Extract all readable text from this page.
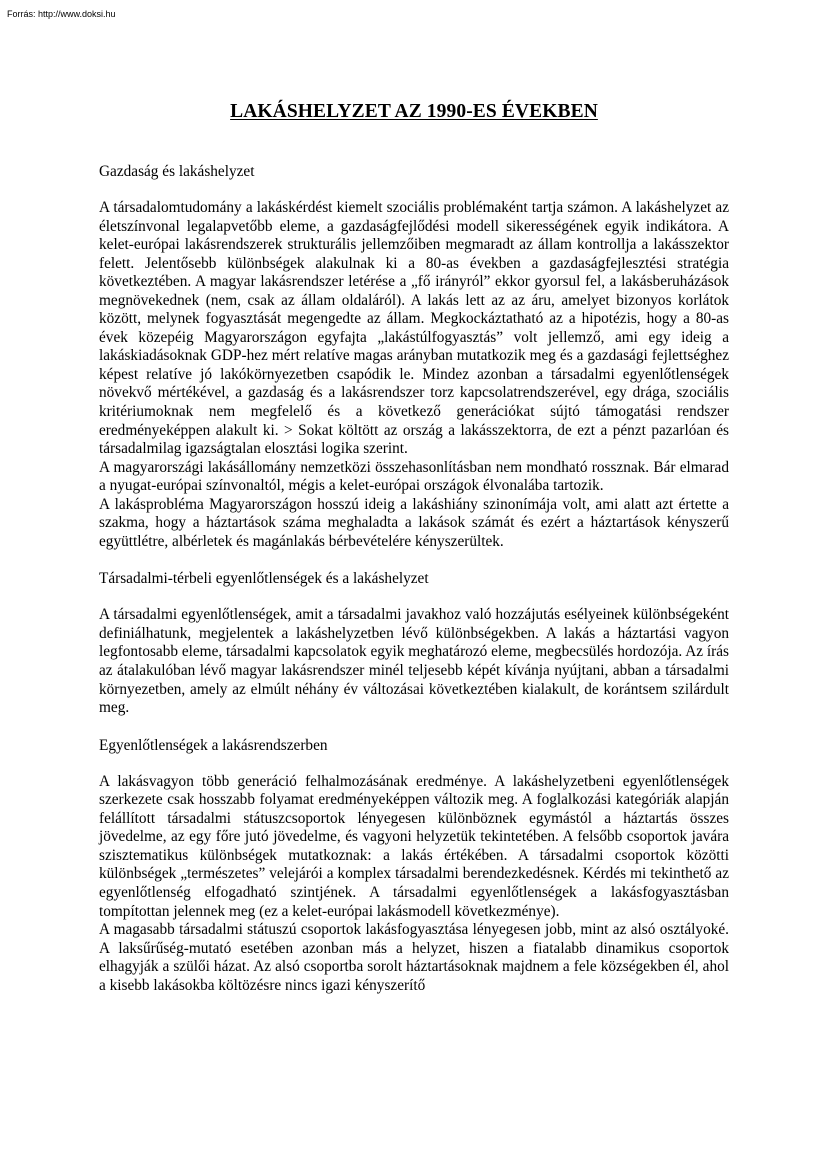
Forrás: http://www.doksi.hu
LAKÁSHELYZET AZ 1990-ES ÉVEKBEN

Gazdaság és lakáshelyzet

A társadalomtudomány a lakáskérdést kiemelt szociális problémaként tartja számon. A lakáshelyzet az életszínvonal legalapvetőbb eleme, a gazdaságfejlődési modell sikerességének egyik indikátora. A kelet-európai lakásrendszerek strukturális jellemzőiben megmaradt az állam kontrollja a lakásszektor felett. Jelentősebb különbségek alakulnak ki a 80-as években a gazdaságfejlesztési stratégia következtében. A magyar lakásrendszer letérése a „fő irányról” ekkor gyorsul fel, a lakásberuházások megnövekednek (nem, csak az állam oldaláról). A lakás lett az az áru, amelyet bizonyos korlátok között, melynek fogyasztását megengedte az állam. Megkockáztatható az a hipotézis, hogy a 80-as évek közepéig Magyarországon egyfajta „lakástúlfogyasztás” volt jellemző, ami egy ideig a lakáskiadásoknak GDP-hez mért relatíve magas arányban mutatkozik meg és a gazdasági fejlettséghez képest relatíve jó lakókörnyezetben csapódik le. Mindez azonban a társadalmi egyenlőtlenségek növekvő mértékével, a gazdaság és a lakásrendszer torz kapcsolatrendszerével, egy drága, szociális kritériumoknak nem megfelelő és a következő generációkat sújtó támogatási rendszer eredményeképpen alakult ki. > Sokat költött az ország a lakásszektorra, de ezt a pénzt pazarlóan és társadalmilag igazságtalan elosztási logika szerint.

A magyarországi lakásállomány nemzetközi összehasonlításban nem mondható rossznak. Bár elmarad a nyugat-európai színvonaltól, mégis a kelet-európai országok élvonalába tartozik.

A lakásprobléma Magyarországon hosszú ideig a lakáshiány szinonímája volt, ami alatt azt értette a szakma, hogy a háztartások száma meghaladta a lakások számát és ezért a háztartások kényszerű együttlétre, albérletek és magánlakás bérbevételére kényszerültek.

Társadalmi-térbeli egyenlőtlenségek és a lakáshelyzet

A társadalmi egyenlőtlenségek, amit a társadalmi javakhoz való hozzájutás esélyeinek különbségeként definiálhatunk, megjelentek a lakáshelyzetben lévő különbségekben. A lakás a háztartási vagyon legfontosabb eleme, társadalmi kapcsolatok egyik meghatározó eleme, megbecsülés hordozója. Az írás az átalakulóban lévő magyar lakásrendszer minél teljesebb képét kívánja nyújtani, abban a társadalmi környezetben, amely az elmúlt néhány év változásai következtében kialakult, de korántsem szilárdult meg.

Egyenlőtlenségek a lakásrendszerben

A lakásvagyon több generáció felhalmozásának eredménye. A lakáshelyzetbeni egyenlőtlenségek szerkezete csak hosszabb folyamat eredményeképpen változik meg. A foglalkozási kategóriák alapján felállított társadalmi státuszcsoportok lényegesen különböznek egymástól a háztartás összes jövedelme, az egy főre jutó jövedelme, és vagyoni helyzetük tekintetében. A felsőbb csoportok javára szisztematikus különbségek mutatkoznak: a lakás értékében. A társadalmi csoportok közötti különbségek „természetes” velejárói a komplex társadalmi berendezkedésnek. Kérdés mi tekinthető az egyenlőtlenség elfogadható szintjének. A társadalmi egyenlőtlenségek a lakásfogyasztásban tompítottan jelennek meg (ez a kelet-európai lakásmodell következménye).

A magasabb társadalmi státuszú csoportok lakásfogyasztása lényegesen jobb, mint az alsó osztályoké. A laksűrűség-mutató esetében azonban más a helyzet, hiszen a fiatalabb dinamikus csoportok elhagyják a szülői házat. Az alsó csoportba sorolt háztartásoknak majdnem a fele községekben él, ahol a kisebb lakásokba költözésre nincs igazi kényszerítő
